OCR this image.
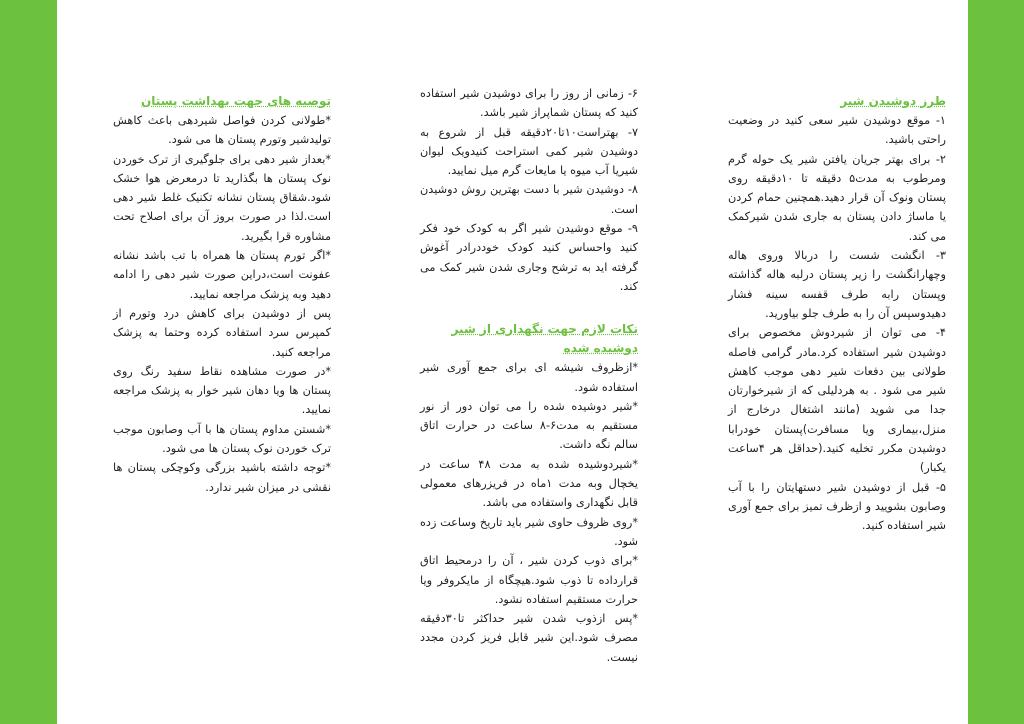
طرز دوشیدن شیر

۱- موقع دوشیدن شیر سعی کنید در وضعیت راحتی باشید.

۲- برای بهتر جریان یافتن شیر یک حوله گرم ومرطوب به مدت۵ دقیقه تا ۱۰دقیقه روی پستان ونوک آن قرار دهید.همچنین حمام کردن یا ماساژ دادن پستان به جاری شدن شیرکمک می کند.

۳- انگشت شست را دربالا وروی هاله وچهارانگشت را زیر پستان درلبه هاله گذاشته وپستان رابه طرف قفسه سینه فشار دهیدوسپس آن را به طرف جلو بیاورید.

۴- می توان از شیردوش مخصوص برای دوشیدن شیر استفاده کرد.مادر گرامی فاصله طولانی بین دفعات شیر دهی موجب کاهش شیر می شود . به هردلیلی که از شیرخوارتان جدا می شوید (مانند اشتغال درخارج از منزل،بیماری ویا مسافرت)پستان خودرابا دوشیدن مکرر تخلیه کنید.(حداقل هر ۴ساعت یکبار)

۵- قبل از دوشیدن شیر دستهایتان را با آب وصابون بشویید و ازظرف تمیز برای جمع آوری شیر استفاده کنید.

۶- زمانی از روز را برای دوشیدن شیر استفاده کنید که پستان شماپراز شیر باشد.

۷- بهتراست۱۰تا۲۰دقیقه قبل از شروع به دوشیدن شیر کمی استراحت کنیدویک لیوان شیریا آب میوه یا مایعات گرم میل نمایید.

۸- دوشیدن شیر با دست بهترین روش دوشیدن است.

۹- موقع دوشیدن شیر اگر به کودک خود فکر کنید واحساس کنید کودک خوددرادر آغوش گرفته اید به ترشح وجاری شدن شیر کمک می کند.

نکات لازم جهت نگهداری از شیر دوشیده شده

*ازظروف شیشه ای برای جمع آوری شیر استفاده شود.

*شیر دوشیده شده را می توان دور از نور مستقیم به مدت۶-۸ ساعت در حرارت اتاق سالم نگه داشت.

*شیردوشیده شده به مدت ۴۸ ساعت در یخچال وبه مدت ۱ماه در فریزرهای معمولی قابل نگهداری واستفاده می باشد.

*روی ظروف حاوی شیر باید تاریخ وساعت زده شود.

*برای ذوب کردن شیر ، آن را درمحیط اتاق قرارداده تا ذوب شود.هیچگاه از مایکروفر ویا حرارت مستقیم استفاده نشود.

*پس ازذوب شدن شیر حداکثر تا۳۰دقیقه مصرف شود.این شیر قابل فریز کردن مجدد نیست.

توصیه های جهت بهداشت پستان

*طولانی کردن فواصل شیردهی باعث کاهش تولیدشیر وتورم پستان ها می شود.

*بعداز شیر دهی برای جلوگیری از ترک خوردن نوک پستان ها بگذارید تا درمعرض هوا خشک شود.شقاق پستان نشانه تکنیک غلط شیر دهی است.لذا در صورت بروز آن برای اصلاح تحت مشاوره قرا بگیرید.

*اگر تورم پستان ها همراه با تب باشد نشانه عفونت است،دراین صورت شیر دهی را ادامه دهید وبه پزشک مراجعه نمایید.

پس از دوشیدن برای کاهش درد وتورم از کمپرس سرد استفاده کرده وحتما به پزشک مراجعه کنید.

*در صورت مشاهده نقاط سفید رنگ روی پستان ها ویا دهان شیر خوار به پزشک مراجعه نمایید.

*شستن مداوم پستان ها با آب وصابون موجب ترک خوردن نوک پستان ها می شود.

*توجه داشته باشید بزرگی وکوچکی پستان ها نقشی در میزان شیر ندارد.
